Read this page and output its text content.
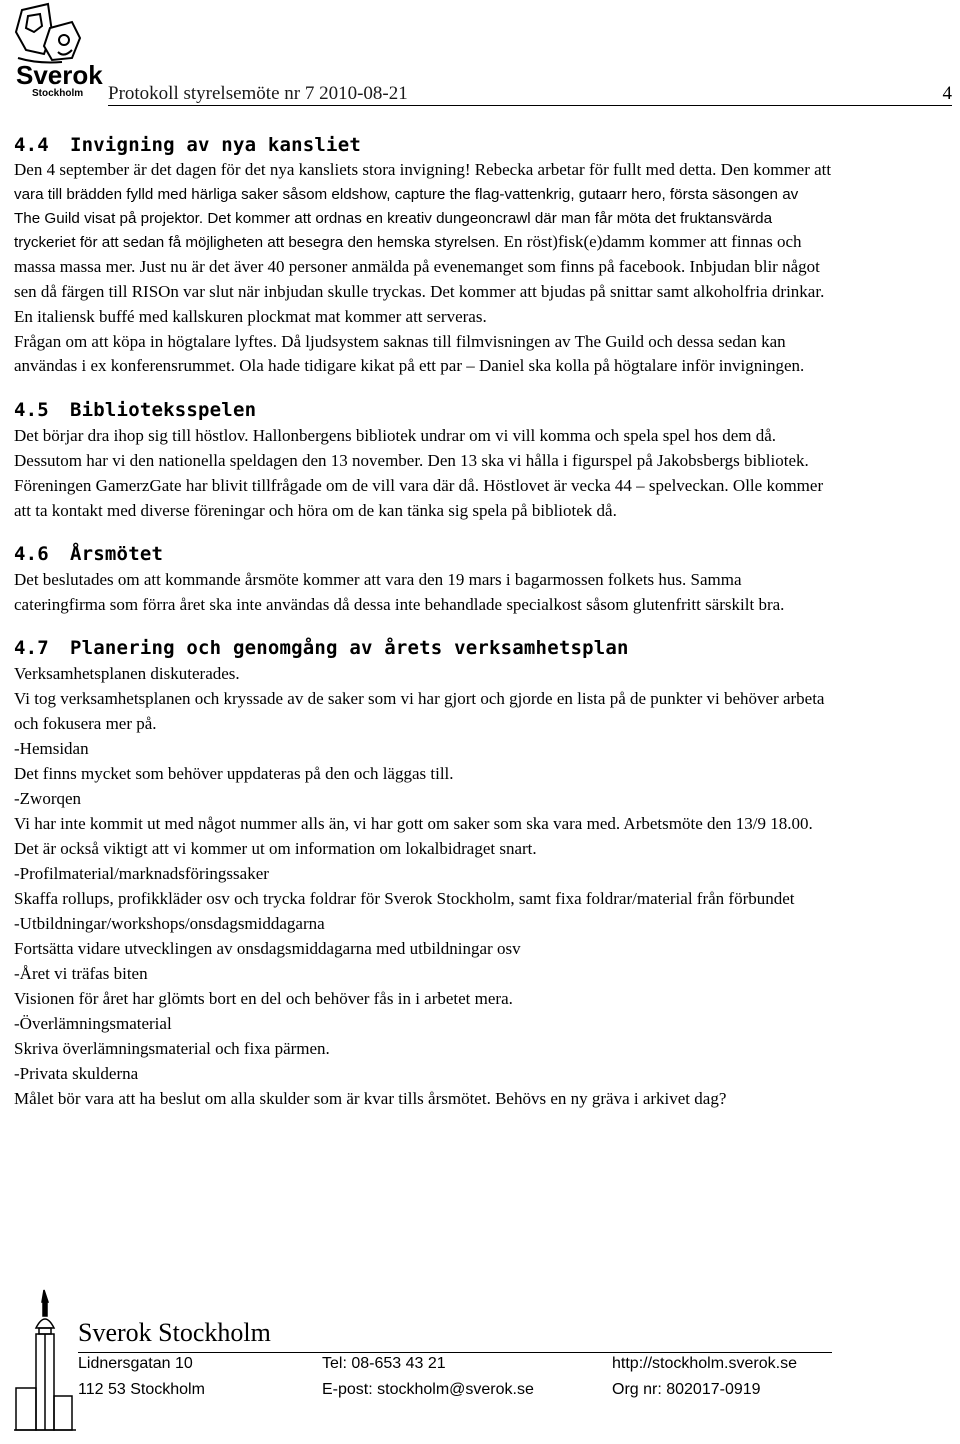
Sverok
Stockholm Protokoll styrelsemöte nr 7 2010-08-21	4
4.4 Invigning av nya kansliet

Den 4 september är det dagen för det nya kansliets stora invigning! Rebecka arbetar för fullt med detta. Den kommer att

vara till brädden fylld med härliga saker såsom eldshow, capture the flag-vattenkrig, gutaarr hero, första säsongen av

The Guild visat på projektor. Det kommer att ordnas en kreativ dungeoncrawl där man får möta det fruktansvärda

tryckeriet för att sedan få möjligheten att besegra den hemska styrelsen. En röst)fisk(e)damm kommer att finnas och

massa massa mer. Just nu är det äver 40 personer anmälda på evenemanget som finns på facebook. Inbjudan blir något

sen då färgen till RISOn var slut när inbjudan skulle tryckas. Det kommer att bjudas på snittar samt alkoholfria drinkar.

En italiensk buffé med kallskuren plockmat mat kommer att serveras.

Frågan om att köpa in högtalare lyftes. Då ljudsystem saknas till filmvisningen av The Guild och dessa sedan kan

användas i ex konferensrummet. Ola hade tidigare kikat på ett par – Daniel ska kolla på högtalare inför invigningen.

4.5 Biblioteksspelen

Det börjar dra ihop sig till höstlov. Hallonbergens bibliotek undrar om vi vill komma och spela spel hos dem då.

Dessutom har vi den nationella speldagen den 13 november. Den 13 ska vi hålla i figurspel på Jakobsbergs bibliotek.

Föreningen GamerzGate har blivit tillfrågade om de vill vara där då. Höstlovet är vecka 44 – spelveckan. Olle kommer

att ta kontakt med diverse föreningar och höra om de kan tänka sig spela på bibliotek då.

4.6 Årsmötet

Det beslutades om att kommande årsmöte kommer att vara den 19 mars i bagarmossen folkets hus. Samma

cateringfirma som förra året ska inte användas då dessa inte behandlade specialkost såsom glutenfritt särskilt bra.

4.7 Planering och genomgång av årets verksamhetsplan

Verksamhetsplanen diskuterades.

Vi tog verksamhetsplanen och kryssade av de saker som vi har gjort och gjorde en lista på de punkter vi behöver arbeta

och fokusera mer på.

-Hemsidan

Det finns mycket som behöver uppdateras på den och läggas till.

-Zworqen

Vi har inte kommit ut med något nummer alls än, vi har gott om saker som ska vara med. Arbetsmöte den 13/9 18.00.

Det är också viktigt att vi kommer ut om information om lokalbidraget snart.

-Profilmaterial/marknadsföringssaker

Skaffa rollups, profikkläder osv och trycka foldrar för Sverok Stockholm, samt fixa foldrar/material från förbundet

-Utbildningar/workshops/onsdagsmiddagarna

Fortsätta vidare utvecklingen av onsdagsmiddagarna med utbildningar osv

-Året vi träfas biten

Visionen för året har glömts bort en del och behöver fås in i arbetet mera.

-Överlämningsmaterial

Skriva överlämningsmaterial och fixa pärmen.

-Privata skulderna

Målet bör vara att ha beslut om alla skulder som är kvar tills årsmötet. Behövs en ny gräva i arkivet dag?

Sverok Stockholm
Lidnersgatan 10
112 53 Stockholm
Tel: 08-653 43 21
E-post: stockholm@sverok.se
http://stockholm.sverok.se
Org nr: 802017-0919
